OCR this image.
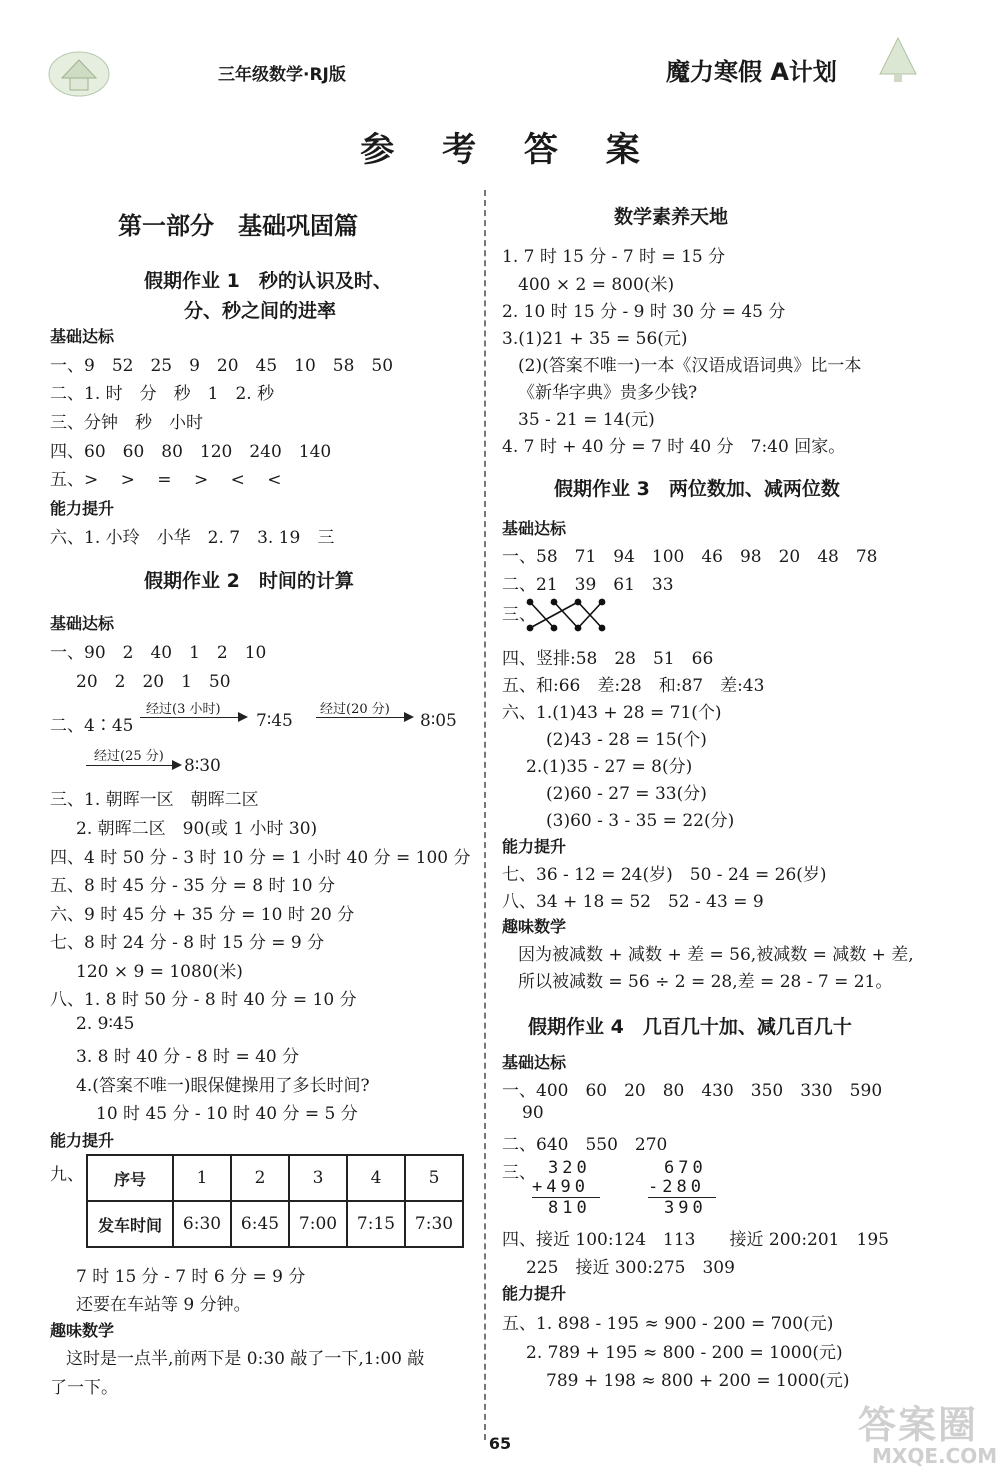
三年级数学·RJ版	魔力寒假 A计划
参 考 答 案
第一部分　基础巩固篇
假期作业 1　秒的认识及时、
分、秒之间的进率
基础达标
一、9　52　25　9　20　45　10　58　50
二、1. 时　分　秒　1　2. 秒
三、分钟　秒　小时
四、60　60　80　120　240　140
五、>　 >　 =　 >　 <　 <
能力提升
六、1. 小玲　小华　2. 7　3. 19　三
假期作业 2　时间的计算
基础达标
一、90　2　40　1　2　10
20　2　20　1　50
二、4∶45
经过(3 小时)
7∶45
经过(20 分)
8∶05
经过(25 分) 8∶30
三、1. 朝晖一区　朝晖二区
2. 朝晖二区　90(或 1 小时 30)
四、4 时 50 分 - 3 时 10 分 = 1 小时 40 分 = 100 分
五、8 时 45 分 - 35 分 = 8 时 10 分
六、9 时 45 分 + 35 分 = 10 时 20 分
七、8 时 24 分 - 8 时 15 分 = 9 分
120 × 9 = 1080(米)
八、1. 8 时 50 分 - 8 时 40 分 = 10 分
2. 9∶45
3. 8 时 40 分 - 8 时 = 40 分
4.(答案不唯一)眼保健操用了多长时间?
10 时 45 分 - 10 时 40 分 = 5 分
能力提升
九、 序号	1	2	3	4	5
发车时间	6:30	6:45	7:00	7:15	7:30
7 时 15 分 - 7 时 6 分 = 9 分
还要在车站等 9 分钟。
趣味数学
这时是一点半,前两下是 0:30 敲了一下,1:00 敲
了一下。
数学素养天地
1. 7 时 15 分 - 7 时 = 15 分
400 × 2 = 800(米)
2. 10 时 15 分 - 9 时 30 分 = 45 分
3.(1)21 + 35 = 56(元)
(2)(答案不唯一)一本《汉语成语词典》比一本
《新华字典》贵多少钱?
35 - 21 = 14(元)
4. 7 时 + 40 分 = 7 时 40 分　7:40 回家。
假期作业 3　两位数加、减两位数
基础达标
一、58　71　94　100　46　98　20　48　78
二、21　39　61　33
三、
四、竖排:58　28　51　66
五、和:66　差:28　和:87　差:43
六、1.(1)43 + 28 = 71(个)
(2)43 - 28 = 15(个)
2.(1)35 - 27 = 8(分)
(2)60 - 27 = 33(分)
(3)60 - 3 - 35 = 22(分)
能力提升
七、36 - 12 = 24(岁)　50 - 24 = 26(岁)
八、34 + 18 = 52　52 - 43 = 9
趣味数学
因为被减数 + 减数 + 差 = 56,被减数 = 减数 + 差,
所以被减数 = 56 ÷ 2 = 28,差 = 28 - 7 = 21。
假期作业 4　几百几十加、减几百几十
基础达标
一、400　60　20　80　430　350　330　590
90
二、640　550　270
三、 320
+490
810
670
-280
390
四、接近 100:124　113　　接近 200:201　195
225　接近 300:275　309
能力提升
五、1. 898 - 195 ≈ 900 - 200 = 700(元)
2. 789 + 195 ≈ 800 - 200 = 1000(元)
789 + 198 ≈ 800 + 200 = 1000(元)
65	答案圈
MXQE.COM
